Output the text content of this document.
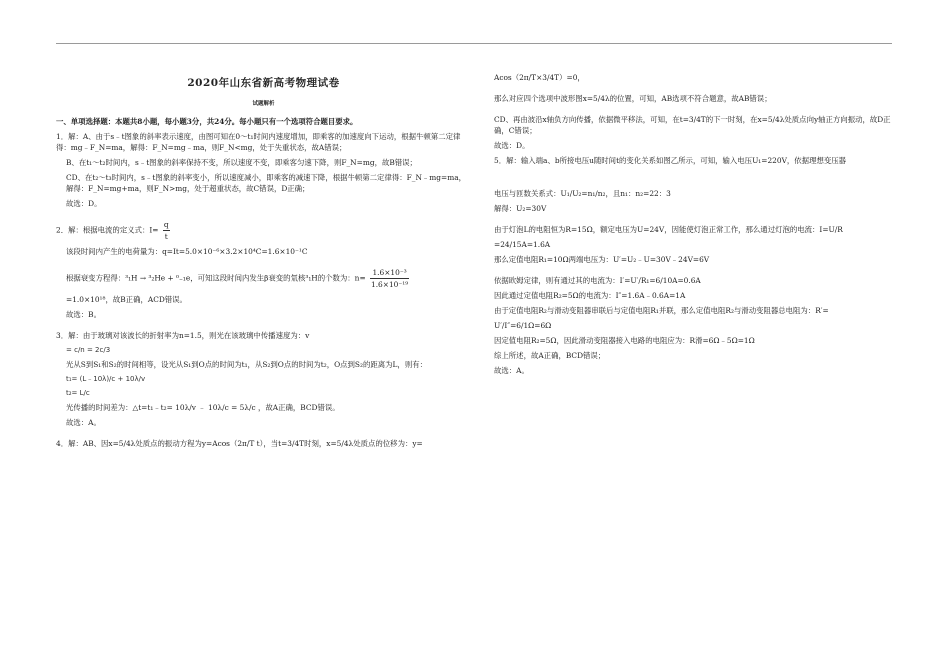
2020年山东省新高考物理试卷
试题解析
一、单项选择题：本题共8小题，每小题3分，共24分。每小题只有一个选项符合题目要求。
1．解：A、由于s﹣t图象的斜率表示速度，由图可知在0～t₁时间内速度增加，即乘客的加速度向下运动，根据牛顿第二定律得：mg﹣F_N=ma，解得：F_N=mg﹣ma，则F_N<mg，处于失重状态，故A错误；
B、在t₁～t₂时间内，s﹣t图象的斜率保持不变，所以速度不变，即乘客匀速下降，则F_N=mg，故B错误；
CD、在t₂～t₃时间内，s﹣t图象的斜率变小，所以速度减小，即乘客的减速下降，根据牛顿第二定律得：F_N﹣mg=ma，解得：F_N=mg+ma，则F_N>mg，处于超重状态，故C错误，D正确；
故选：D。
2．解：根据电流的定义式：$I= \frac{q}{t}$
该段时间内产生的电荷量为：q=It=5.0×10⁻⁶×3.2×10⁴C=1.6×10⁻¹C
根据衰变方程得：³₁H → ³₂He + ⁰₋₁e，可知这段时间内发生β衰变的氚核³₁H的个数为：$n= \frac{\text{1.6×10⁻³}}{\text{1.6×10⁻¹⁹}}$
=1.0×10¹⁸，故B正确，ACD错误。
故选：B。
3．解：由于玻璃对该波长的折射率为n=1.5，则光在该玻璃中传播速度为：v
= c/n = 2c/3
光从S到S₁和S₂的时间相等，设光从S₁到O点的时间为t₁，从S₂到O点的时间为t₂，O点到S₂的距离为L，则有：
t₁= (L﹣10λ)/c + 10λ/v
t₂= L/c
光传播的时间差为：△t=t₁﹣t₂= 10λ/v ﹣ 10λ/c = 5λ/c ，故A正确，BCD错误。
故选：A。
4．解：AB、因x=5/4λ处质点的振动方程为y=Acos（2π/T t），当t=3/4T时刻，x=5/4λ处质点的位移为：y=
Acos（2π/T×3/4T）=0，
那么对应四个选项中波形图x=5/4λ的位置，可知，AB选项不符合题意，故AB错误；
CD、再由波沿x轴负方向传播，依据微平移法，可知，在t=3/4T的下一时刻，在x=5/4λ处质点向y轴正方向振动，故D正确，C错误；
故选：D。
5．解：输入端a、b所接电压u随时间t的变化关系如图乙所示，可知，输入电压U₁=220V，依据理想变压器
电压与匝数关系式：U₁/U₂=n₁/n₂，且n₁：n₂=22：3
解得：U₂=30V
由于灯泡L的电阻恒为R=15Ω，额定电压为U=24V，因能使灯泡正常工作，那么通过灯泡的电流：I=U/R
=24/15A=1.6A
那么定值电阻R₁=10Ω两端电压为：U′=U₂﹣U=30V﹣24V=6V
依据欧姆定律，则有通过其的电流为：I′=U′/R₁=6/10A=0.6A
因此通过定值电阻R₂=5Ω的电流为：I″=1.6A﹣0.6A=1A
由于定值电阻R₂与滑动变阻器串联后与定值电阻R₁并联，那么定值电阻R₂与滑动变阻器总电阻为：R′=
U′/I″=6/1Ω=6Ω
因定值电阻R₂=5Ω，因此滑动变阻器接入电路的电阻应为：R滑=6Ω﹣5Ω=1Ω
综上所述，故A正确，BCD错误；
故选：A。
